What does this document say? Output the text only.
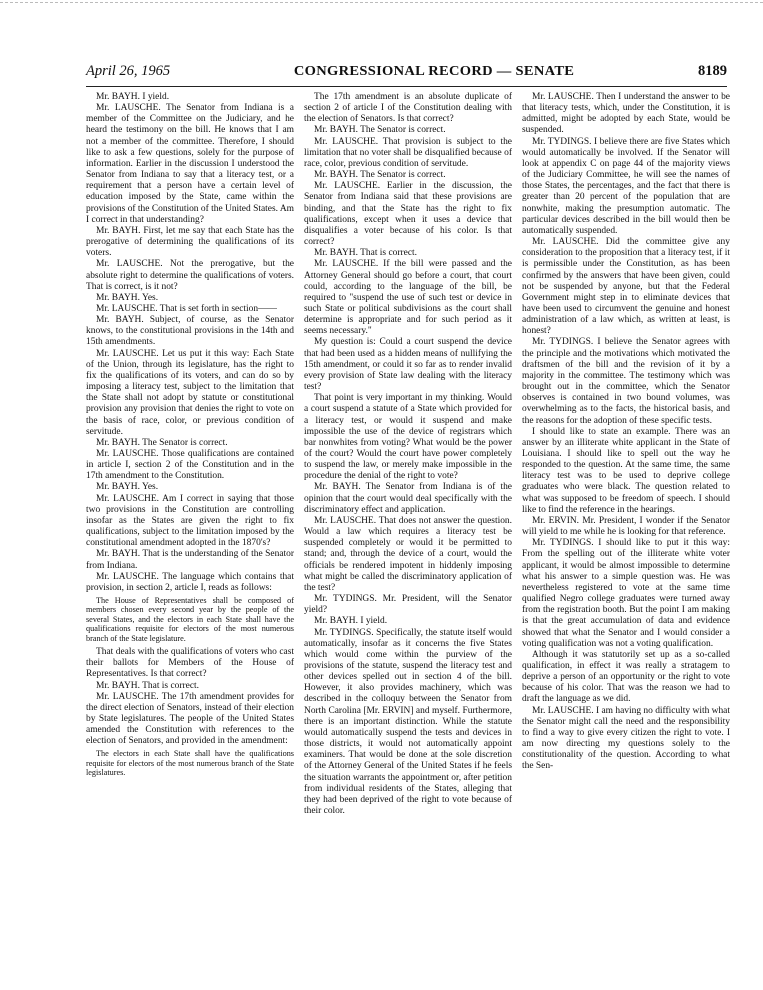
April 26, 1965	CONGRESSIONAL RECORD — SENATE	8189

Mr. BAYH. I yield.

Mr. LAUSCHE. The Senator from Indiana is a member of the Committee on the Judiciary, and he heard the testimony on the bill. He knows that I am not a member of the committee. Therefore, I should like to ask a few questions, solely for the purpose of information. Earlier in the discussion I understood the Senator from Indiana to say that a literacy test, or a requirement that a person have a certain level of education imposed by the State, came within the provisions of the Constitution of the United States. Am I correct in that understanding?

Mr. BAYH. First, let me say that each State has the prerogative of determining the qualifications of its voters.

Mr. LAUSCHE. Not the prerogative, but the absolute right to determine the qualifications of voters. That is correct, is it not?

Mr. BAYH. Yes.

Mr. LAUSCHE. That is set forth in section——

Mr. BAYH. Subject, of course, as the Senator knows, to the constitutional provisions in the 14th and 15th amendments.

Mr. LAUSCHE. Let us put it this way: Each State of the Union, through its legislature, has the right to fix the qualifications of its voters, and can do so by imposing a literacy test, subject to the limitation that the State shall not adopt by statute or constitutional provision any provision that denies the right to vote on the basis of race, color, or previous condition of servitude.

Mr. BAYH. The Senator is correct.

Mr. LAUSCHE. Those qualifications are contained in article I, section 2 of the Constitution and in the 17th amendment to the Constitution.

Mr. BAYH. Yes.

Mr. LAUSCHE. Am I correct in saying that those two provisions in the Constitution are controlling insofar as the States are given the right to fix qualifications, subject to the limitation imposed by the constitutional amendment adopted in the 1870's?

Mr. BAYH. That is the understanding of the Senator from Indiana.

Mr. LAUSCHE. The language which contains that provision, in section 2, article I, reads as follows:

The House of Representatives shall be composed of members chosen every second year by the people of the several States, and the electors in each State shall have the qualifications requisite for electors of the most numerous branch of the State legislature.

That deals with the qualifications of voters who cast their ballots for Members of the House of Representatives. Is that correct?

Mr. BAYH. That is correct.

Mr. LAUSCHE. The 17th amendment provides for the direct election of Senators, instead of their election by State legislatures. The people of the United States amended the Constitution with references to the election of Senators, and provided in the amendment:

The electors in each State shall have the qualifications requisite for electors of the most numerous branch of the State legislatures.

The 17th amendment is an absolute duplicate of section 2 of article I of the Constitution dealing with the election of Senators. Is that correct?

Mr. BAYH. The Senator is correct.

Mr. LAUSCHE. That provision is subject to the limitation that no voter shall be disqualified because of race, color, previous condition of servitude.

Mr. BAYH. The Senator is correct.

Mr. LAUSCHE. Earlier in the discussion, the Senator from Indiana said that these provisions are binding, and that the State has the right to fix qualifications, except when it uses a device that disqualifies a voter because of his color. Is that correct?

Mr. BAYH. That is correct.

Mr. LAUSCHE. If the bill were passed and the Attorney General should go before a court, that court could, according to the language of the bill, be required to "suspend the use of such test or device in such State or political subdivisions as the court shall determine is appropriate and for such period as it seems necessary."

My question is: Could a court suspend the device that had been used as a hidden means of nullifying the 15th amendment, or could it so far as to render invalid every provision of State law dealing with the literacy test?

That point is very important in my thinking. Would a court suspend a statute of a State which provided for a literacy test, or would it suspend and make impossible the use of the device of registrars which bar nonwhites from voting? What would be the power of the court? Would the court have power completely to suspend the law, or merely make impossible in the procedure the denial of the right to vote?

Mr. BAYH. The Senator from Indiana is of the opinion that the court would deal specifically with the discriminatory effect and application.

Mr. LAUSCHE. That does not answer the question. Would a law which requires a literacy test be suspended completely or would it be permitted to stand; and, through the device of a court, would the officials be rendered impotent in hiddenly imposing what might be called the discriminatory application of the test?

Mr. TYDINGS. Mr. President, will the Senator yield?

Mr. BAYH. I yield.

Mr. TYDINGS. Specifically, the statute itself would automatically, insofar as it concerns the five States which would come within the purview of the provisions of the statute, suspend the literacy test and other devices spelled out in section 4 of the bill. However, it also provides machinery, which was described in the colloquy between the Senator from North Carolina [Mr. ERVIN] and myself. Furthermore, there is an important distinction. While the statute would automatically suspend the tests and devices in those districts, it would not automatically appoint examiners. That would be done at the sole discretion of the Attorney General of the United States if he feels the situation warrants the appointment or, after petition from individual residents of the States, alleging that they had been deprived of the right to vote because of their color.

Mr. LAUSCHE. Then I understand the answer to be that literacy tests, which, under the Constitution, it is admitted, might be adopted by each State, would be suspended.

Mr. TYDINGS. I believe there are five States which would automatically be involved. If the Senator will look at appendix C on page 44 of the majority views of the Judiciary Committee, he will see the names of those States, the percentages, and the fact that there is greater than 20 percent of the population that are nonwhite, making the presumption automatic. The particular devices described in the bill would then be automatically suspended.

Mr. LAUSCHE. Did the committee give any consideration to the proposition that a literacy test, if it is permissible under the Constitution, as has been confirmed by the answers that have been given, could not be suspended by anyone, but that the Federal Government might step in to eliminate devices that have been used to circumvent the genuine and honest administration of a law which, as written at least, is honest?

Mr. TYDINGS. I believe the Senator agrees with the principle and the motivations which motivated the draftsmen of the bill and the revision of it by a majority in the committee. The testimony which was brought out in the committee, which the Senator observes is contained in two bound volumes, was overwhelming as to the facts, the historical basis, and the reasons for the adoption of these specific tests.

I should like to state an example. There was an answer by an illiterate white applicant in the State of Louisiana. I should like to spell out the way he responded to the question. At the same time, the same literacy test was to be used to deprive college graduates who were black. The question related to what was supposed to be freedom of speech. I should like to find the reference in the hearings.

Mr. ERVIN. Mr. President, I wonder if the Senator will yield to me while he is looking for that reference.

Mr. TYDINGS. I should like to put it this way: From the spelling out of the illiterate white voter applicant, it would be almost impossible to determine what his answer to a simple question was. He was nevertheless registered to vote at the same time qualified Negro college graduates were turned away from the registration booth. But the point I am making is that the great accumulation of data and evidence showed that what the Senator and I would consider a voting qualification was not a voting qualification.

Although it was statutorily set up as a so-called qualification, in effect it was really a stratagem to deprive a person of an opportunity or the right to vote because of his color. That was the reason we had to draft the language as we did.

Mr. LAUSCHE. I am having no difficulty with what the Senator might call the need and the responsibility to find a way to give every citizen the right to vote. I am now directing my questions solely to the constitutionality of the question. According to what the Sen-
